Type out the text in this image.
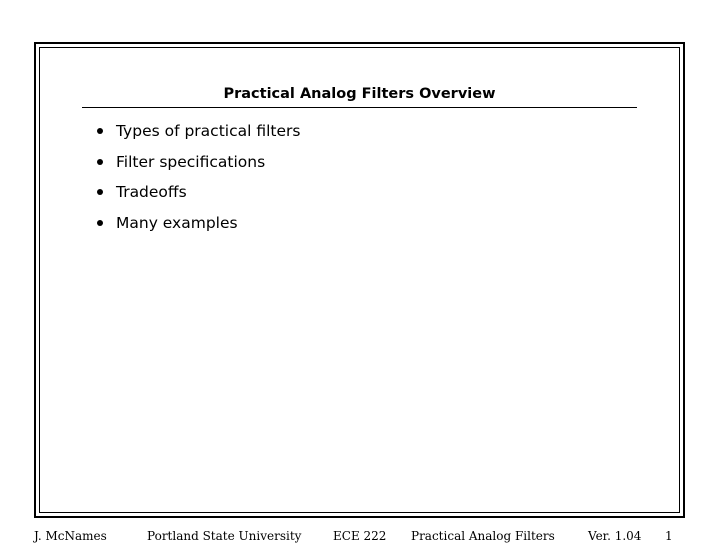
Practical Analog Filters Overview
Types of practical filters
Filter specifications
Tradeoffs
Many examples
J. McNames	Portland State University	ECE 222 Practical Analog Filters	Ver. 1.04 1
